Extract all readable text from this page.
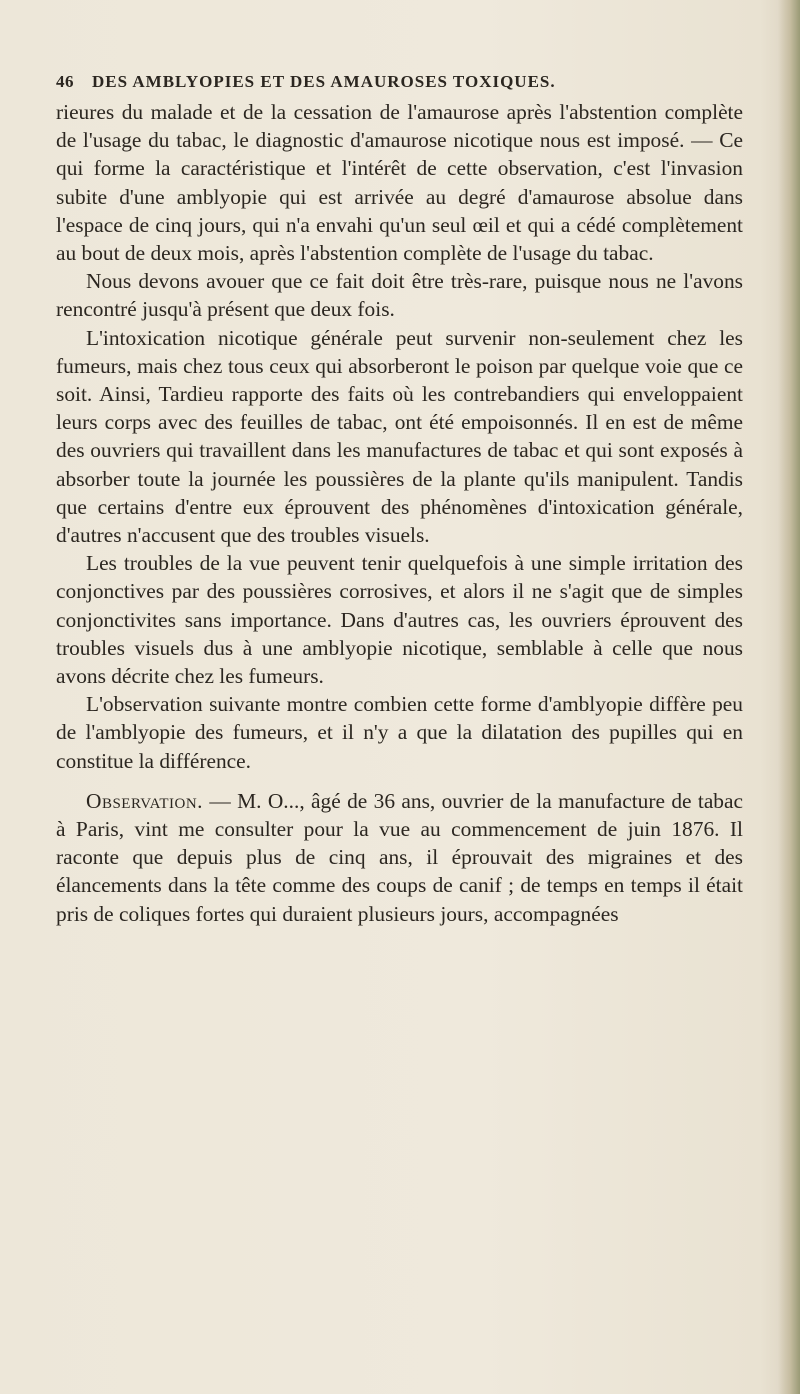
46 DES AMBLYOPIES ET DES AMAUROSES TOXIQUES.

rieures du malade et de la cessation de l'amaurose après l'abstention complète de l'usage du tabac, le diagnostic d'amaurose nicotique nous est imposé. — Ce qui forme la caractéristique et l'intérêt de cette observation, c'est l'invasion subite d'une amblyopie qui est arrivée au degré d'amaurose absolue dans l'espace de cinq jours, qui n'a envahi qu'un seul œil et qui a cédé complètement au bout de deux mois, après l'abstention complète de l'usage du tabac.

Nous devons avouer que ce fait doit être très-rare, puisque nous ne l'avons rencontré jusqu'à présent que deux fois.

L'intoxication nicotique générale peut survenir non-seulement chez les fumeurs, mais chez tous ceux qui absorberont le poison par quelque voie que ce soit. Ainsi, Tardieu rapporte des faits où les contrebandiers qui enveloppaient leurs corps avec des feuilles de tabac, ont été empoisonnés. Il en est de même des ouvriers qui travaillent dans les manufactures de tabac et qui sont exposés à absorber toute la journée les poussières de la plante qu'ils manipulent. Tandis que certains d'entre eux éprouvent des phénomènes d'intoxication générale, d'autres n'accusent que des troubles visuels.

Les troubles de la vue peuvent tenir quelquefois à une simple irritation des conjonctives par des poussières corrosives, et alors il ne s'agit que de simples conjonctivites sans importance. Dans d'autres cas, les ouvriers éprouvent des troubles visuels dus à une amblyopie nicotique, semblable à celle que nous avons décrite chez les fumeurs.

L'observation suivante montre combien cette forme d'amblyopie diffère peu de l'amblyopie des fumeurs, et il n'y a que la dilatation des pupilles qui en constitue la différence.

Observation. — M. O..., âgé de 36 ans, ouvrier de la manufacture de tabac à Paris, vint me consulter pour la vue au commencement de juin 1876. Il raconte que depuis plus de cinq ans, il éprouvait des migraines et des élancements dans la tête comme des coups de canif ; de temps en temps il était pris de coliques fortes qui duraient plusieurs jours, accompagnées
